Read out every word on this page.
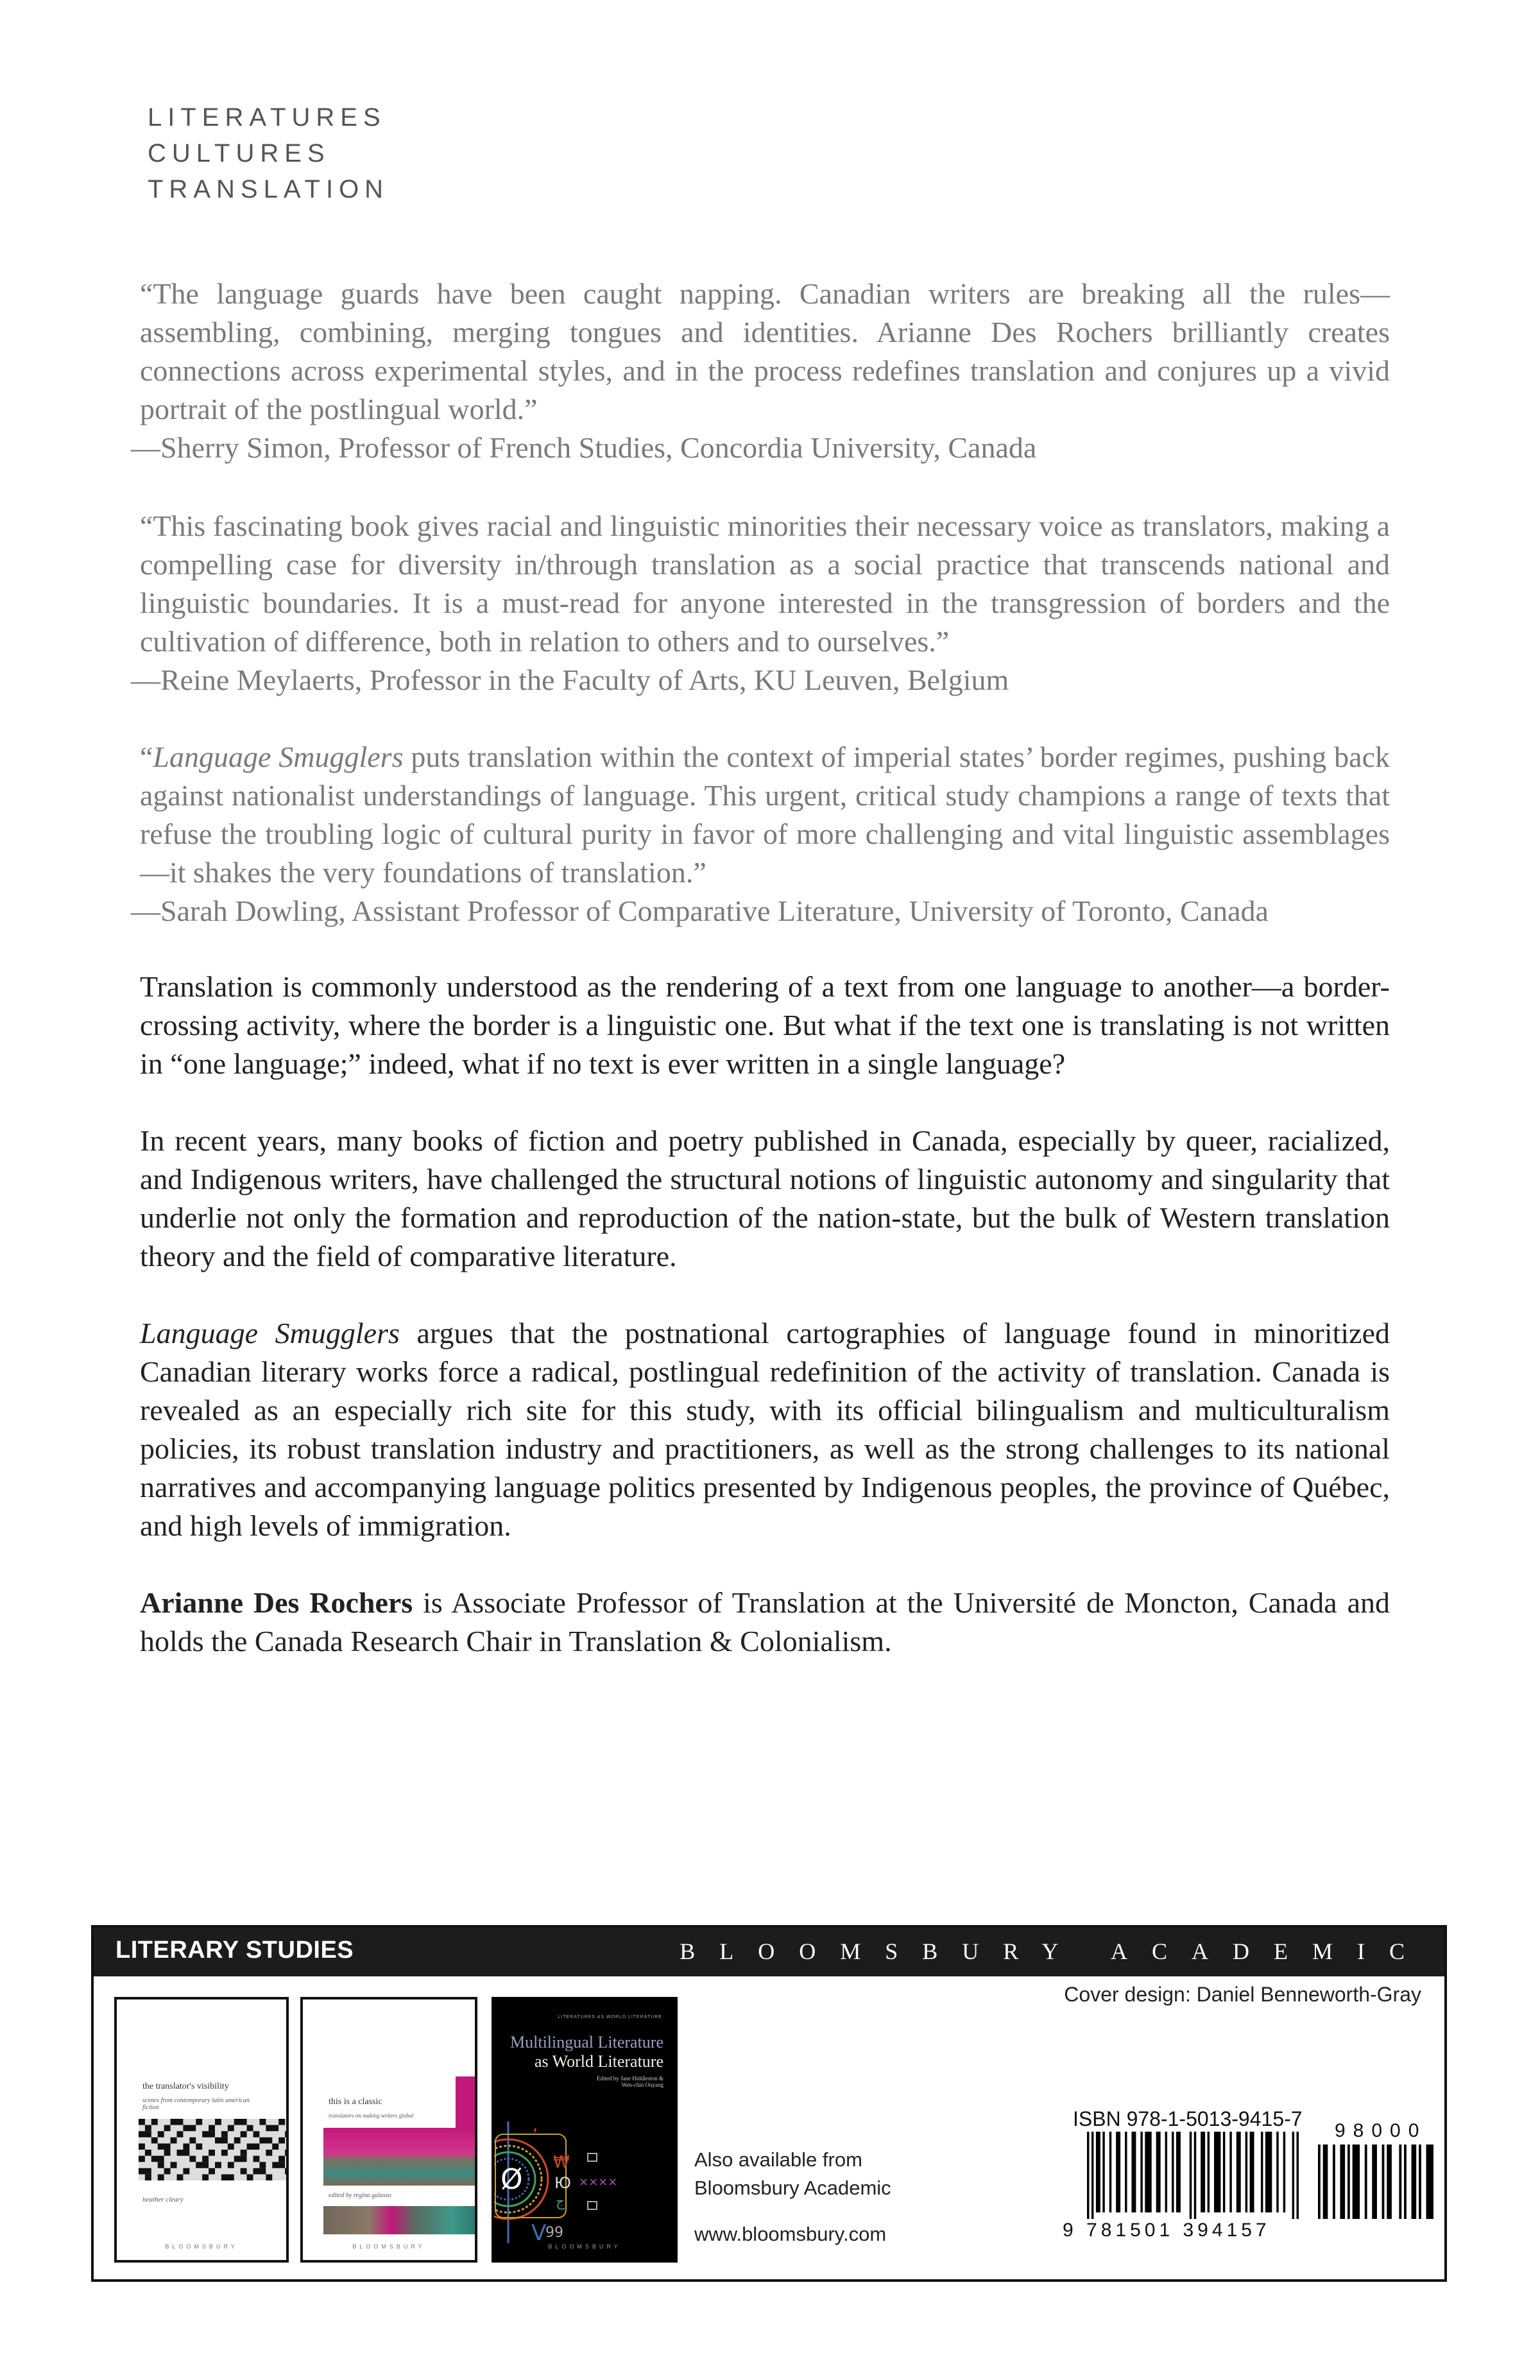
LITERATURES
CULTURES
TRANSLATION

“The language guards have been caught napping. Canadian writers are breaking all the rules—assembling, combining, merging tongues and identities. Arianne Des Rochers brilliantly creates connections across experimental styles, and in the process redefines translation and conjures up a vivid portrait of the postlingual world.”

—Sherry Simon, Professor of French Studies, Concordia University, Canada

“This fascinating book gives racial and linguistic minorities their necessary voice as translators, making a compelling case for diversity in/through translation as a social practice that transcends national and linguistic boundaries. It is a must-read for anyone interested in the transgression of borders and the cultivation of difference, both in relation to others and to ourselves.”

—Reine Meylaerts, Professor in the Faculty of Arts, KU Leuven, Belgium

“Language Smugglers puts translation within the context of imperial states’ border regimes, pushing back against nationalist understandings of language. This urgent, critical study champions a range of texts that refuse the troubling logic of cultural purity in favor of more challenging and vital linguistic assemblages—it shakes the very foundations of translation.”

—Sarah Dowling, Assistant Professor of Comparative Literature, University of Toronto, Canada

Translation is commonly understood as the rendering of a text from one language to another—a border-crossing activity, where the border is a linguistic one. But what if the text one is translating is not written in “one language;” indeed, what if no text is ever written in a single language?

In recent years, many books of fiction and poetry published in Canada, especially by queer, racialized, and Indigenous writers, have challenged the structural notions of linguistic autonomy and singularity that underlie not only the formation and reproduction of the nation-state, but the bulk of Western translation theory and the field of comparative literature.

Language Smugglers argues that the postnational cartographies of language found in minoritized Canadian literary works force a radical, postlingual redefinition of the activity of translation. Canada is revealed as an especially rich site for this study, with its official bilingualism and multiculturalism policies, its robust translation industry and practitioners, as well as the strong challenges to its national narratives and accompanying language politics presented by Indigenous peoples, the province of Québec, and high levels of immigration.

Arianne Des Rochers is Associate Professor of Translation at the Université de Moncton, Canada and holds the Canada Research Chair in Translation & Colonialism.

LITERARY STUDIES	BLOOMSBURY ACADEMIC
the translator's visibility
scenes from contemporary latin american fiction
heather cleary
BLOOMSBURY
this is a classic
translators on making writers global
edited by regina galasso
BLOOMSBURY
LITERATURES AS WORLD LITERATURE
Multilingual Literature
as World Literature
Edited by Jane Hiddleston & Wen-chin Ouyang
Ø
₩
Ю
ج
××××
V
99
,
BLOOMSBURY
Also available from
Bloomsbury Academic
www.bloomsbury.com
Cover design: Daniel Benneworth-Gray
ISBN 978-1-5013-9415-7
98000
9 781501 394157
